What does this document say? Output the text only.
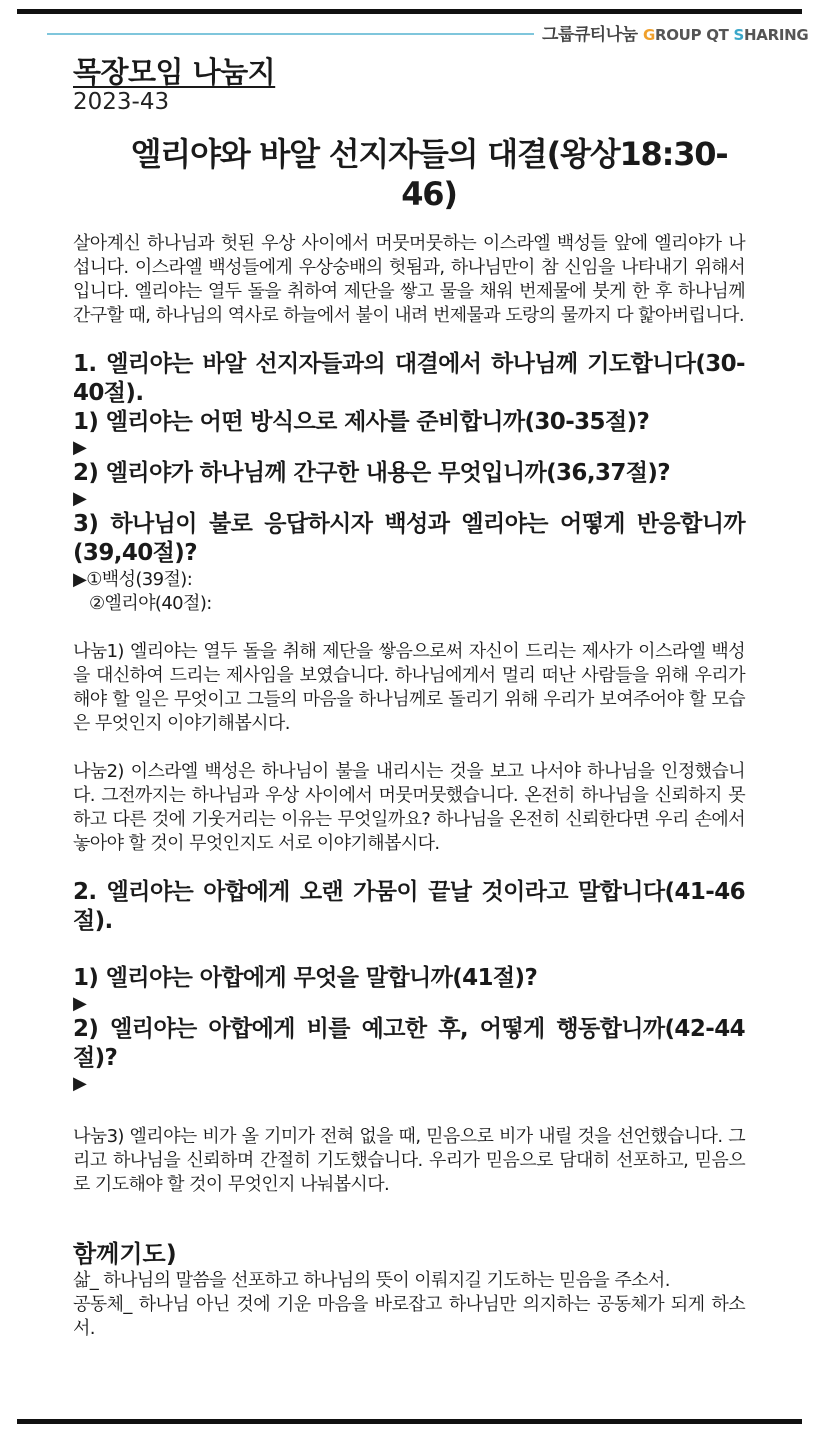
그룹큐티나눔 GROUP QT SHARING
목장모임 나눔지
2023-43
엘리야와 바알 선지자들의 대결(왕상18:30-46)
살아계신 하나님과 헛된 우상 사이에서 머뭇머뭇하는 이스라엘 백성들 앞에 엘리야가 나섭니다. 이스라엘 백성들에게 우상숭배의 헛됨과, 하나님만이 참 신임을 나타내기 위해서입니다. 엘리야는 열두 돌을 취하여 제단을 쌓고 물을 채워 번제물에 붓게 한 후 하나님께 간구할 때, 하나님의 역사로 하늘에서 불이 내려 번제물과 도랑의 물까지 다 핥아버립니다.
1. 엘리야는 바알 선지자들과의 대결에서 하나님께 기도합니다(30-40절).
1) 엘리야는 어떤 방식으로 제사를 준비합니까(30-35절)?
▶
2) 엘리야가 하나님께 간구한 내용은 무엇입니까(36,37절)?
▶
3) 하나님이 불로 응답하시자 백성과 엘리야는 어떻게 반응합니까(39,40절)?
▶①백성(39절):
②엘리야(40절):
나눔1) 엘리야는 열두 돌을 취해 제단을 쌓음으로써 자신이 드리는 제사가 이스라엘 백성을 대신하여 드리는 제사임을 보였습니다. 하나님에게서 멀리 떠난 사람들을 위해 우리가 해야 할 일은 무엇이고 그들의 마음을 하나님께로 돌리기 위해 우리가 보여주어야 할 모습은 무엇인지 이야기해봅시다.
나눔2) 이스라엘 백성은 하나님이 불을 내리시는 것을 보고 나서야 하나님을 인정했습니다. 그전까지는 하나님과 우상 사이에서 머뭇머뭇했습니다. 온전히 하나님을 신뢰하지 못하고 다른 것에 기웃거리는 이유는 무엇일까요? 하나님을 온전히 신뢰한다면 우리 손에서 놓아야 할 것이 무엇인지도 서로 이야기해봅시다.
2. 엘리야는 아합에게 오랜 가뭄이 끝날 것이라고 말합니다(41-46절).
1) 엘리야는 아합에게 무엇을 말합니까(41절)?
▶
2) 엘리야는 아합에게 비를 예고한 후, 어떻게 행동합니까(42-44절)?
▶
나눔3) 엘리야는 비가 올 기미가 전혀 없을 때, 믿음으로 비가 내릴 것을 선언했습니다. 그리고 하나님을 신뢰하며 간절히 기도했습니다. 우리가 믿음으로 담대히 선포하고, 믿음으로 기도해야 할 것이 무엇인지 나눠봅시다.
함께기도)
삶_ 하나님의 말씀을 선포하고 하나님의 뜻이 이뤄지길 기도하는 믿음을 주소서.
공동체_ 하나님 아닌 것에 기운 마음을 바로잡고 하나님만 의지하는 공동체가 되게 하소서.
